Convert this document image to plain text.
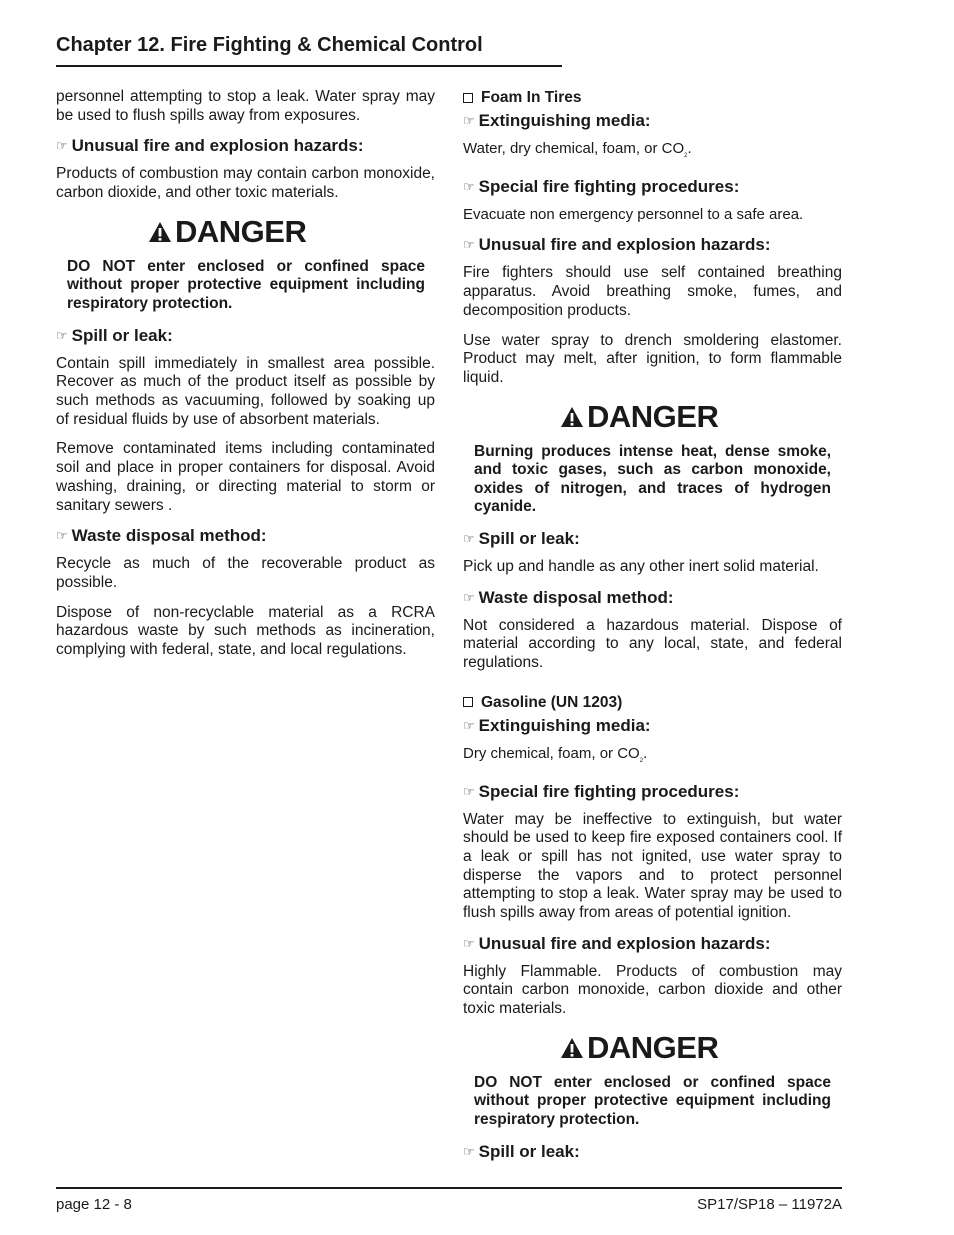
Chapter 12. Fire Fighting & Chemical Control

personnel attempting to stop a leak. Water spray may be used to flush spills away from exposures.

☞ Unusual fire and explosion hazards:

Products of combustion may contain carbon monoxide, carbon dioxide, and other toxic materials.

DANGER

DO NOT enter enclosed or confined space without proper protective equipment including respiratory protection.

☞ Spill or leak:

Contain spill immediately in smallest area possible. Recover as much of the product itself as possible by such methods as vacuuming, followed by soaking up of residual fluids by use of absorbent materials.

Remove contaminated items including contaminated soil and place in proper containers for disposal. Avoid washing, draining, or directing material to storm or sanitary sewers .

☞ Waste disposal method:

Recycle as much of the recoverable product as possible.

Dispose of non-recyclable material as a RCRA hazardous waste by such methods as incineration, complying with federal, state, and local regulations.

Foam In Tires
☞ Extinguishing media:

Water, dry chemical, foam, or $CO_2$.

☞ Special fire fighting procedures:

Evacuate non emergency personnel to a safe area.

☞ Unusual fire and explosion hazards:

Fire fighters should use self contained breathing apparatus. Avoid breathing smoke, fumes, and decomposition products.

Use water spray to drench smoldering elastomer. Product may melt, after ignition, to form flammable liquid.

DANGER

Burning produces intense heat, dense smoke, and toxic gases, such as carbon monoxide, oxides of nitrogen, and traces of hydrogen cyanide.

☞ Spill or leak:

Pick up and handle as any other inert solid material.

☞ Waste disposal method:

Not considered a hazardous material. Dispose of material according to any local, state, and federal regulations.

Gasoline (UN 1203)
☞ Extinguishing media:

Dry chemical, foam, or $CO_2$.

☞ Special fire fighting procedures:

Water may be ineffective to extinguish, but water should be used to keep fire exposed containers cool. If a leak or spill has not ignited, use water spray to disperse the vapors and to protect personnel attempting to stop a leak. Water spray may be used to flush spills away from areas of potential ignition.

☞ Unusual fire and explosion hazards:

Highly Flammable. Products of combustion may contain carbon monoxide, carbon dioxide and other toxic materials.

DANGER

DO NOT enter enclosed or confined space without proper protective equipment including respiratory protection.

☞ Spill or leak:
page 12 - 8	SP17/SP18 – 11972A
